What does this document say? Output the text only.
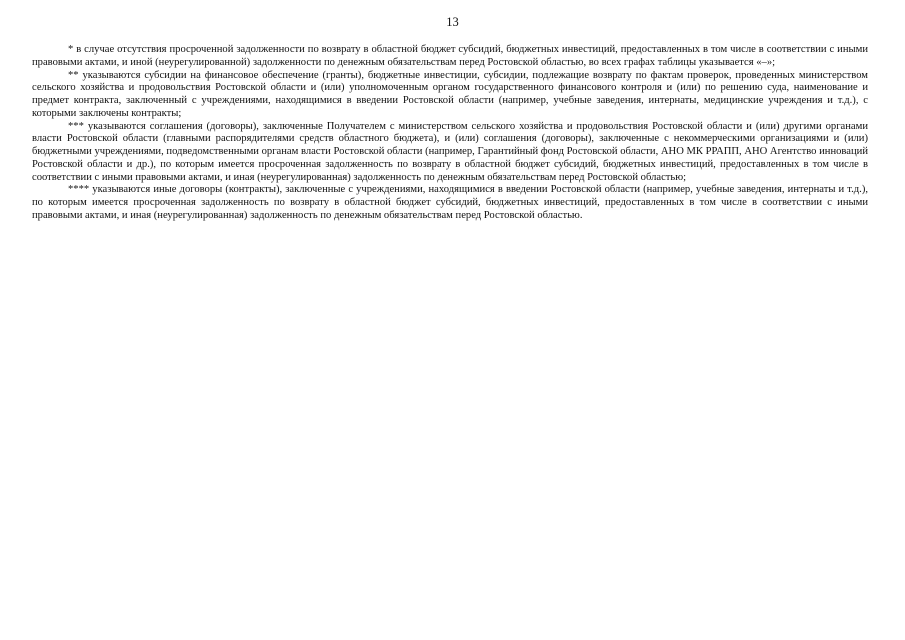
13

* в случае отсутствия просроченной задолженности по возврату в областной бюджет субсидий, бюджетных инвестиций, предоставленных в том числе в соответствии с иными правовыми актами, и иной (неурегулированной) задолженности по денежным обязательствам перед Ростовской областью, во всех графах таблицы указывается «–»;

** указываются субсидии на финансовое обеспечение (гранты), бюджетные инвестиции, субсидии, подлежащие возврату по фактам проверок, проведенных министерством сельского хозяйства и продовольствия Ростовской области и (или) уполномоченным органом государственного финансового контроля и (или) по решению суда, наименование и предмет контракта, заключенный с учреждениями, находящимися в введении Ростовской области (например, учебные заведения, интернаты, медицинские учреждения и т.д.), с которыми заключены контракты;

*** указываются соглашения (договоры), заключенные Получателем с министерством сельского хозяйства и продовольствия Ростовской области и (или) другими органами власти Ростовской области (главными распорядителями средств областного бюджета), и (или) соглашения (договоры), заключенные с некоммерческими организациями и (или) бюджетными учреждениями, подведомственными органам власти Ростовской области (например, Гарантийный фонд Ростовской области, АНО МК РРАПП, АНО Агентство инноваций Ростовской области и др.), по которым имеется просроченная задолженность по возврату в областной бюджет субсидий, бюджетных инвестиций, предоставленных в том числе в соответствии с иными правовыми актами, и иная (неурегулированная) задолженность по денежным обязательствам перед Ростовской областью;

**** указываются иные договоры (контракты), заключенные с учреждениями, находящимися в введении Ростовской области (например, учебные заведения, интернаты и т.д.), по которым имеется просроченная задолженность по возврату в областной бюджет субсидий, бюджетных инвестиций, предоставленных в том числе в соответствии с иными правовыми актами, и иная (неурегулированная) задолженность по денежным обязательствам перед Ростовской областью.
